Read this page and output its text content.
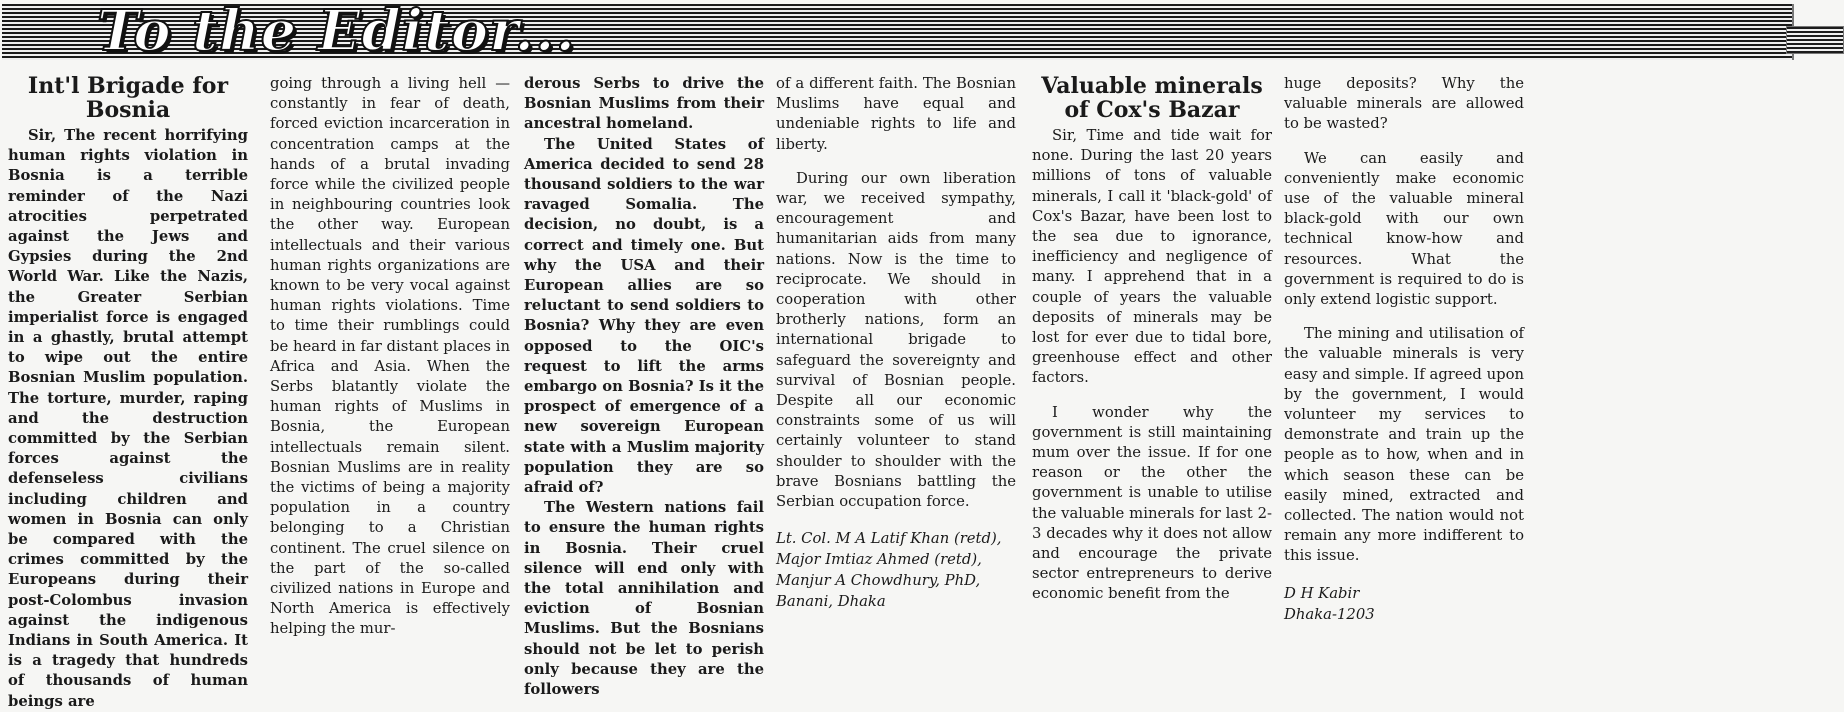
To the Editor...
Int'l Brigade for Bosnia

Sir, The recent horrifying human rights violation in Bosnia is a terrible reminder of the Nazi atrocities perpetrated against the Jews and Gypsies during the 2nd World War. Like the Nazis, the Greater Serbian imperialist force is engaged in a ghastly, brutal attempt to wipe out the entire Bosnian Muslim population. The torture, murder, raping and the destruction committed by the Serbian forces against the defenseless civilians including children and women in Bosnia can only be compared with the crimes committed by the Europeans during their post-Colombus invasion against the indigenous Indians in South America. It is a tragedy that hundreds of thousands of human beings are

going through a living hell — constantly in fear of death, forced eviction incarceration in concentration camps at the hands of a brutal invading force while the civilized people in neighbouring countries look the other way. European intellectuals and their various human rights organizations are known to be very vocal against human rights violations. Time to time their rumblings could be heard in far distant places in Africa and Asia. When the Serbs blatantly violate the human rights of Muslims in Bosnia, the European intellectuals remain silent. Bosnian Muslims are in reality the victims of being a majority population in a country belonging to a Christian continent. The cruel silence on the part of the so-called civilized nations in Europe and North America is effectively helping the mur-

derous Serbs to drive the Bosnian Muslims from their ancestral homeland.

The United States of America decided to send 28 thousand soldiers to the war ravaged Somalia. The decision, no doubt, is a correct and timely one. But why the USA and their European allies are so reluctant to send soldiers to Bosnia? Why they are even opposed to the OIC's request to lift the arms embargo on Bosnia? Is it the prospect of emergence of a new sovereign European state with a Muslim majority population they are so afraid of?

The Western nations fail to ensure the human rights in Bosnia. Their cruel silence will end only with the total annihilation and eviction of Bosnian Muslims. But the Bosnians should not be let to perish only because they are the followers

of a different faith. The Bosnian Muslims have equal and undeniable rights to life and liberty.

During our own liberation war, we received sympathy, encouragement and humanitarian aids from many nations. Now is the time to reciprocate. We should in cooperation with other brotherly nations, form an international brigade to safeguard the sovereignty and survival of Bosnian people. Despite all our economic constraints some of us will certainly volunteer to stand shoulder to shoulder with the brave Bosnians battling the Serbian occupation force.

Lt. Col. M A Latif Khan (retd),
Major Imtiaz Ahmed (retd),
Manjur A Chowdhury, PhD,
Banani, Dhaka

Valuable minerals of Cox's Bazar

Sir, Time and tide wait for none. During the last 20 years millions of tons of valuable minerals, I call it 'black-gold' of Cox's Bazar, have been lost to the sea due to ignorance, inefficiency and negligence of many. I apprehend that in a couple of years the valuable deposits of minerals may be lost for ever due to tidal bore, greenhouse effect and other factors.

I wonder why the government is still maintaining mum over the issue. If for one reason or the other the government is unable to utilise the valuable minerals for last 2-3 decades why it does not allow and encourage the private sector entrepreneurs to derive economic benefit from the

huge deposits? Why the valuable minerals are allowed to be wasted?

We can easily and conveniently make economic use of the valuable mineral black-gold with our own technical know-how and resources. What the government is required to do is only extend logistic support.

The mining and utilisation of the valuable minerals is very easy and simple. If agreed upon by the government, I would volunteer my services to demonstrate and train up the people as to how, when and in which season these can be easily mined, extracted and collected. The nation would not remain any more indifferent to this issue.

D H Kabir
Dhaka-1203
